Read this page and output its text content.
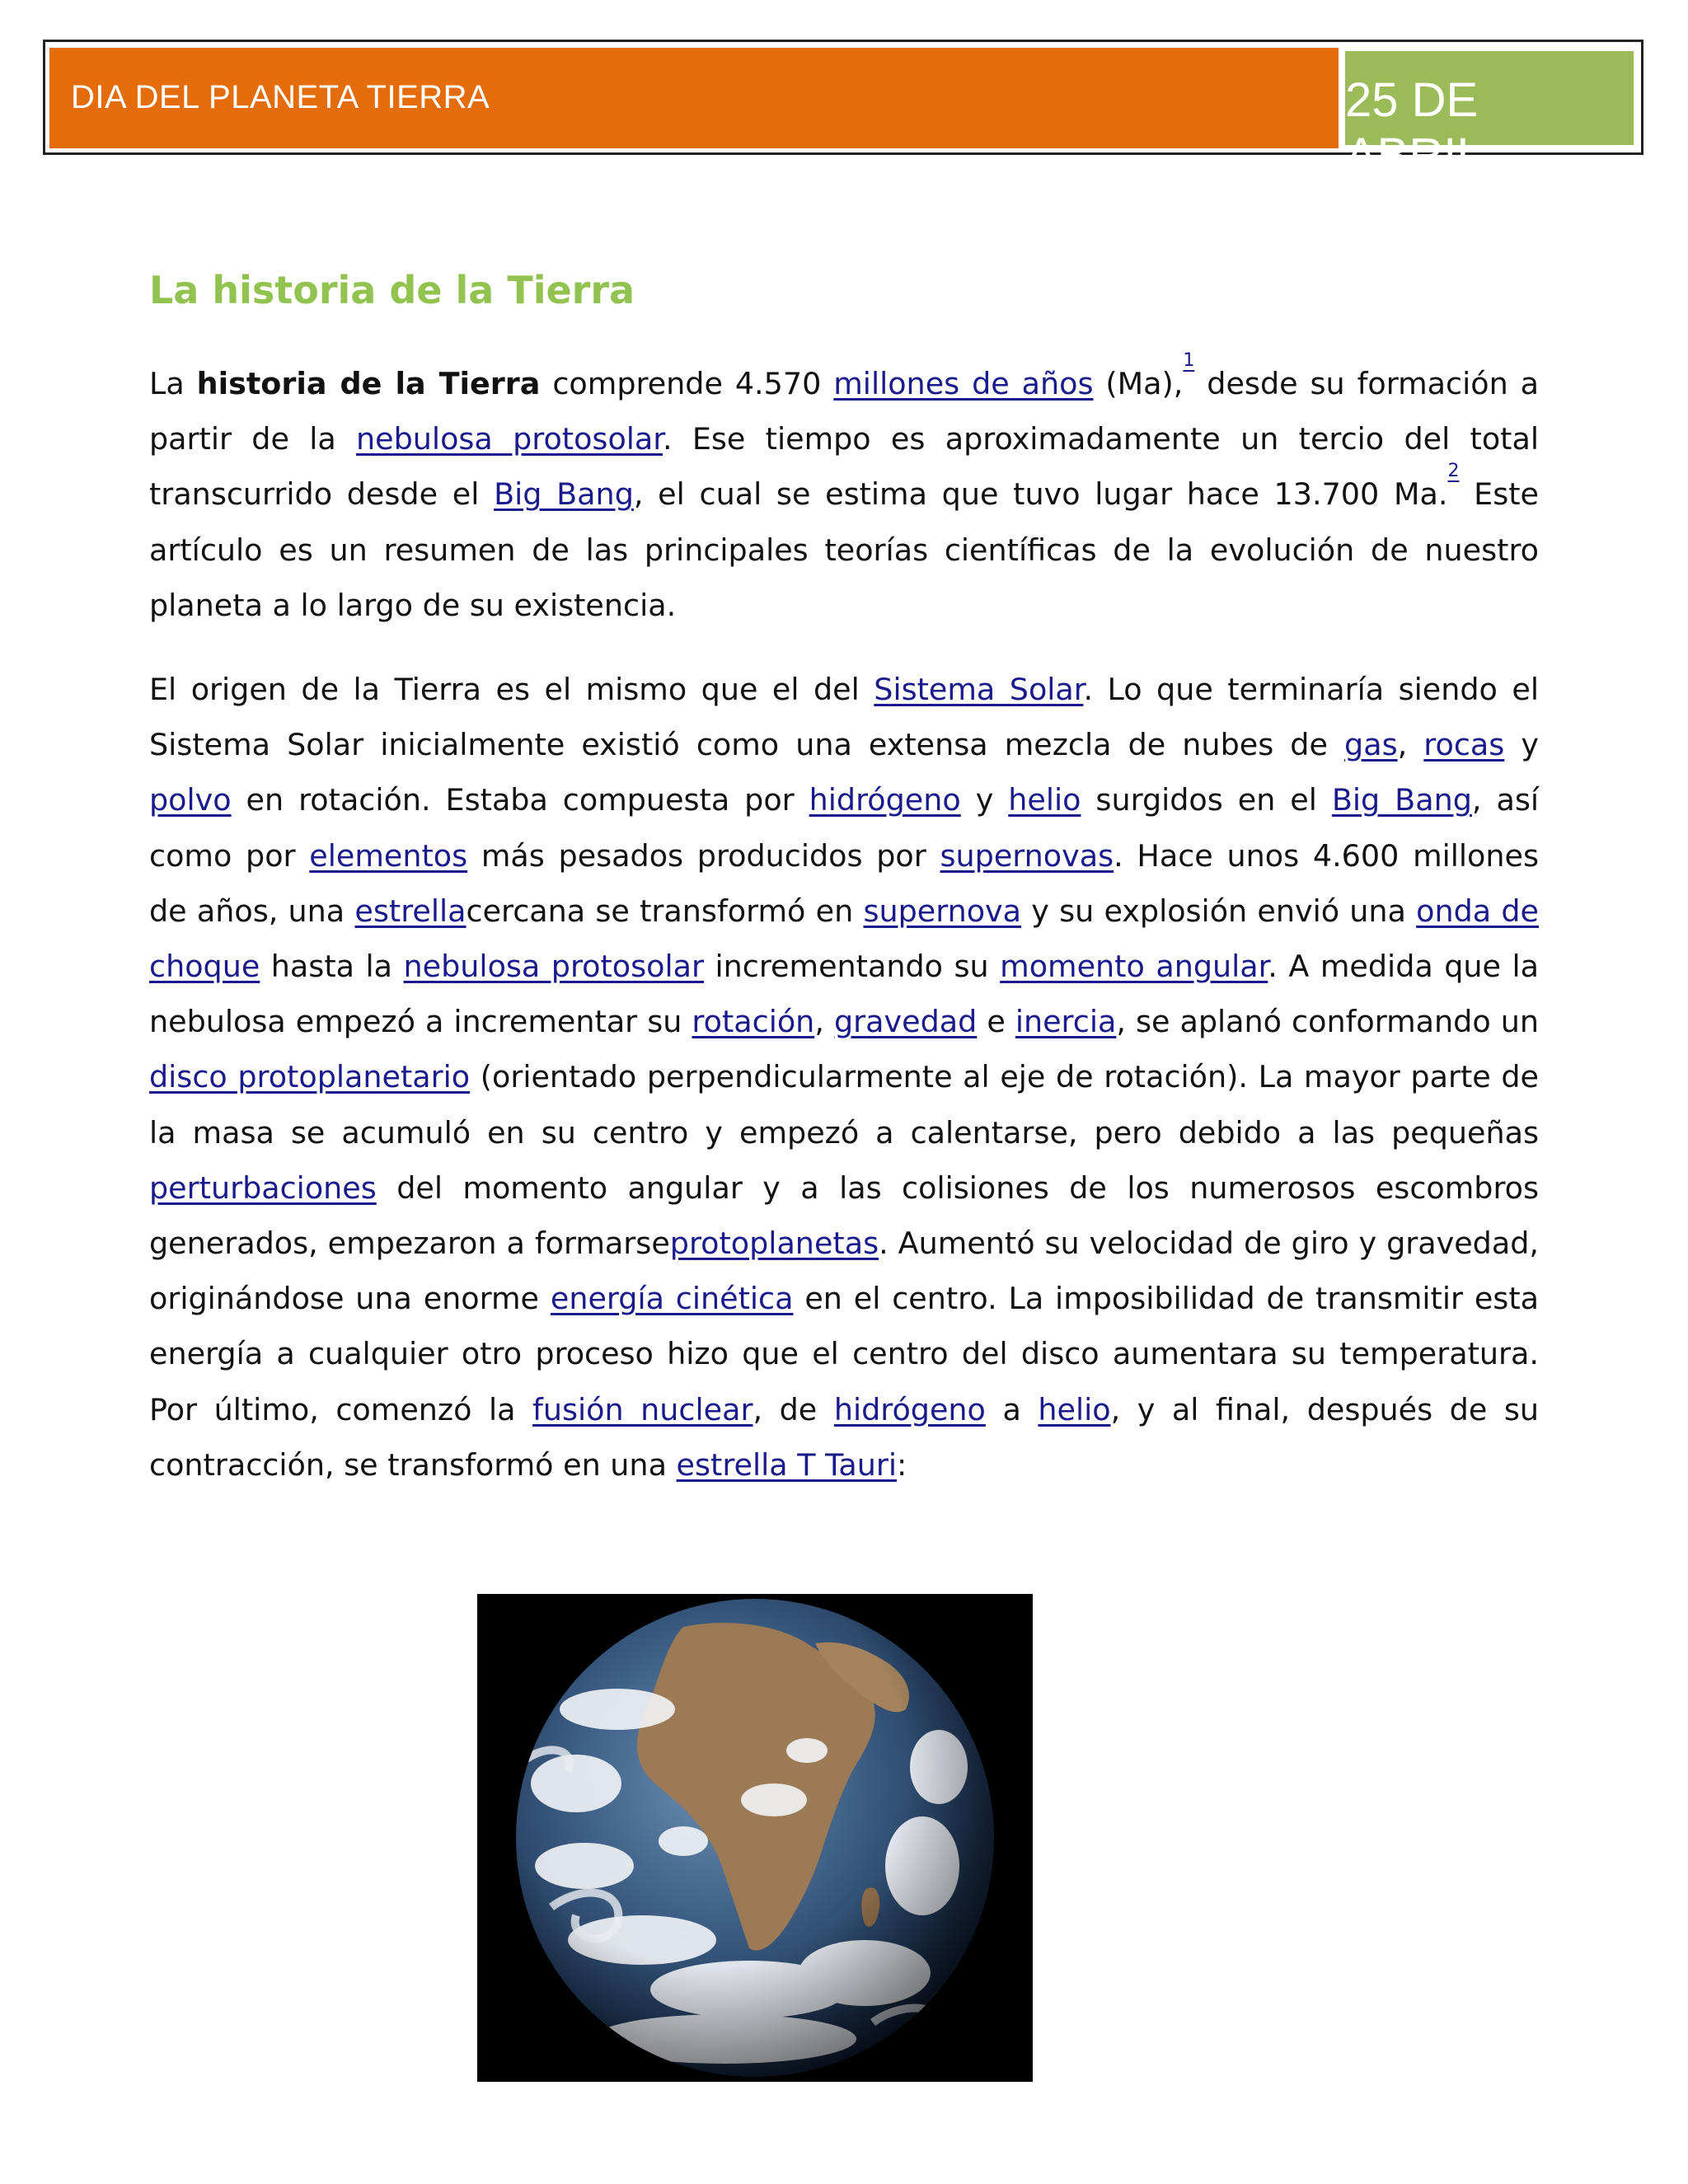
DIA DEL PLANETA TIERRA	25 DE ABRIL
La historia de la Tierra

La historia de la Tierra comprende 4.570 millones de años (Ma),$^1$ desde su formación a partir de la nebulosa protosolar. Ese tiempo es aproximadamente un tercio del total transcurrido desde el Big Bang, el cual se estima que tuvo lugar hace 13.700 Ma.$^2$ Este artículo es un resumen de las principales teorías científicas de la evolución de nuestro planeta a lo largo de su existencia.

El origen de la Tierra es el mismo que el del Sistema Solar. Lo que terminaría siendo el Sistema Solar inicialmente existió como una extensa mezcla de nubes de gas, rocas y polvo en rotación. Estaba compuesta por hidrógeno y helio surgidos en el Big Bang, así como por elementos más pesados producidos por supernovas. Hace unos 4.600 millones de años, una estrellacercana se transformó en supernova y su explosión envió una onda de choque hasta la nebulosa protosolar incrementando su momento angular. A medida que la nebulosa empezó a incrementar su rotación, gravedad e inercia, se aplanó conformando un disco protoplanetario (orientado perpendicularmente al eje de rotación). La mayor parte de la masa se acumuló en su centro y empezó a calentarse, pero debido a las pequeñas perturbaciones del momento angular y a las colisiones de los numerosos escombros generados, empezaron a formarseprotoplanetas. Aumentó su velocidad de giro y gravedad, originándose una enorme energía cinética en el centro. La imposibilidad de transmitir esta energía a cualquier otro proceso hizo que el centro del disco aumentara su temperatura. Por último, comenzó la fusión nuclear, de hidrógeno a helio, y al final, después de su contracción, se transformó en una estrella T Tauri:
